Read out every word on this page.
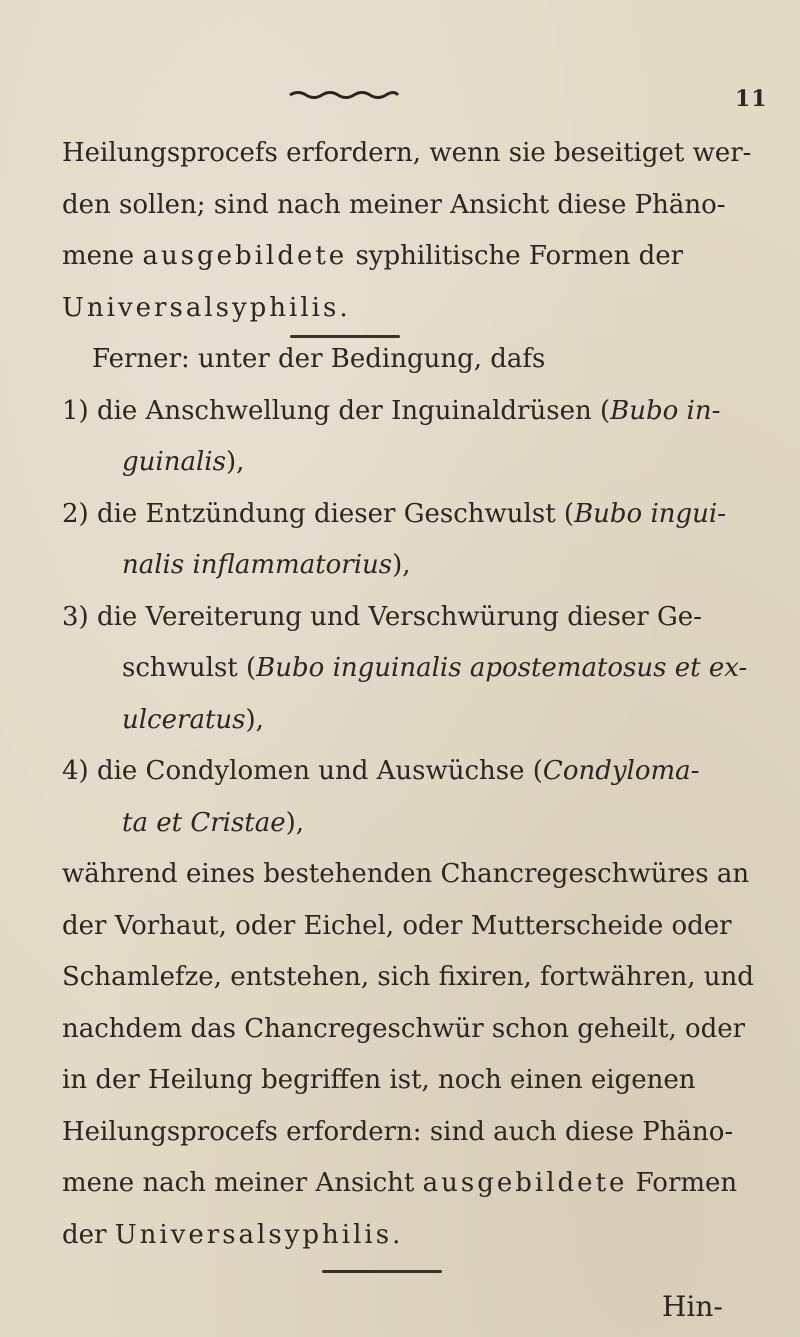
11
Heilungsprocefs erfordern, wenn sie beseitiget wer-
den sollen; sind nach meiner Ansicht diese Phäno-
mene ausgebildete syphilitische Formen der
Universalsyphilis.
Ferner: unter der Bedingung, dafs
1) die Anschwellung der Inguinaldrüsen (Bubo in-
guinalis),
2) die Entzündung dieser Geschwulst (Bubo ingui-
nalis inflammatorius),
3) die Vereiterung und Verschwürung dieser Ge-
schwulst (Bubo inguinalis apostematosus et ex-
ulceratus),
4) die Condylomen und Auswüchse (Condyloma-
ta et Cristae),
während eines bestehenden Chancregeschwüres an
der Vorhaut, oder Eichel, oder Mutterscheide oder
Schamlefze, entstehen, sich fixiren, fortwähren, und
nachdem das Chancregeschwür schon geheilt, oder
in der Heilung begriffen ist, noch einen eigenen
Heilungsprocefs erfordern: sind auch diese Phäno-
mene nach meiner Ansicht ausgebildete Formen
der Universalsyphilis.
Hin-
